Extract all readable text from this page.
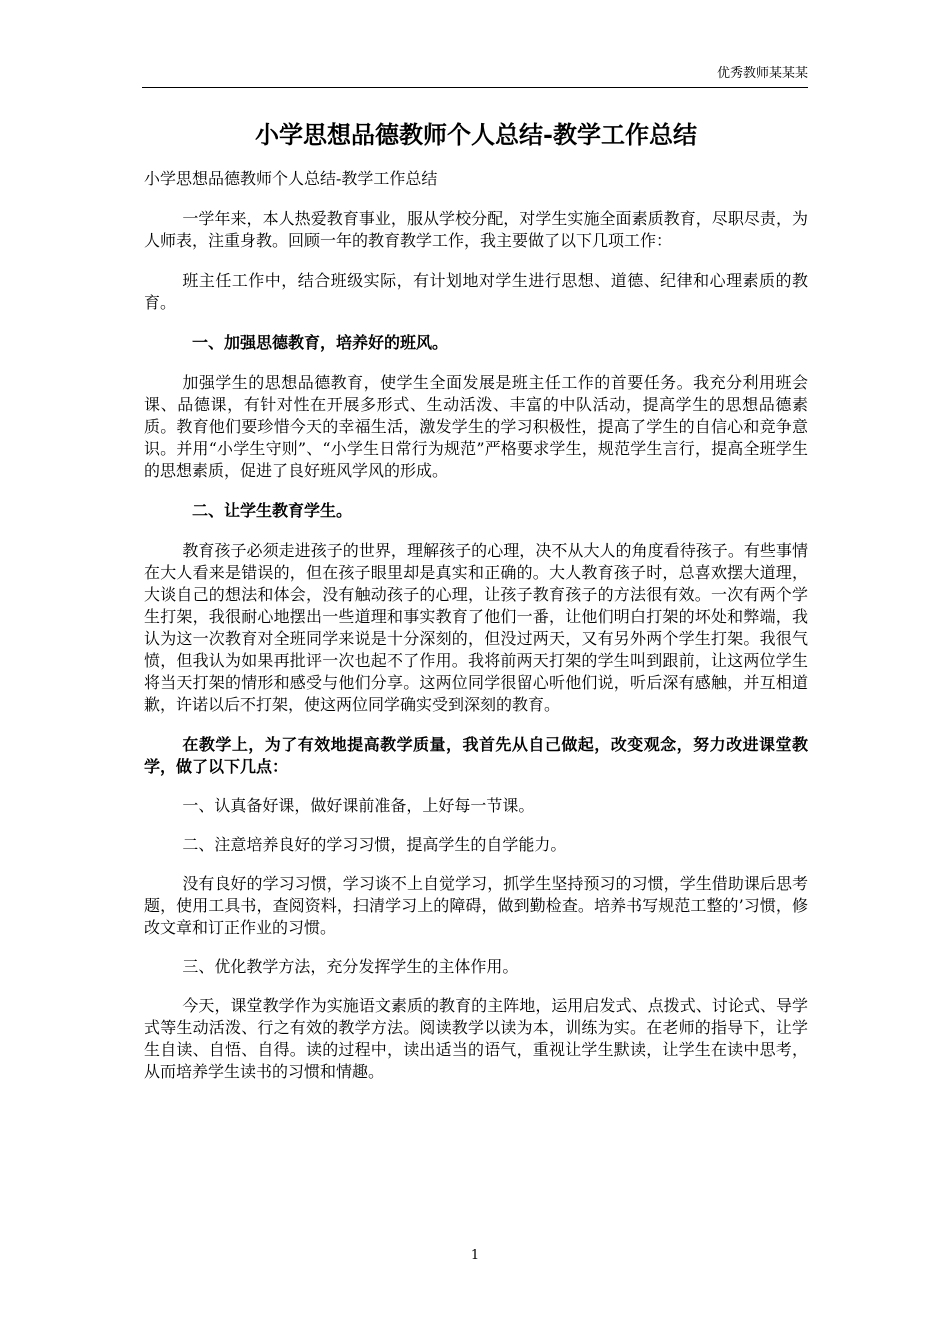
优秀教师某某某
小学思想品德教师个人总结-教学工作总结

小学思想品德教师个人总结-教学工作总结

一学年来，本人热爱教育事业，服从学校分配，对学生实施全面素质教育，尽职尽责，为人师表，注重身教。回顾一年的教育教学工作，我主要做了以下几项工作：

班主任工作中，结合班级实际，有计划地对学生进行思想、道德、纪律和心理素质的教育。

一、加强思德教育，培养好的班风。

加强学生的思想品德教育，使学生全面发展是班主任工作的首要任务。我充分利用班会课、品德课，有针对性在开展多形式、生动活泼、丰富的中队活动，提高学生的思想品德素质。教育他们要珍惜今天的幸福生活，激发学生的学习积极性，提高了学生的自信心和竞争意识。并用“小学生守则”、“小学生日常行为规范”严格要求学生，规范学生言行，提高全班学生的思想素质，促进了良好班风学风的形成。

二、让学生教育学生。

教育孩子必须走进孩子的世界，理解孩子的心理，决不从大人的角度看待孩子。有些事情在大人看来是错误的，但在孩子眼里却是真实和正确的。大人教育孩子时，总喜欢摆大道理，大谈自己的想法和体会，没有触动孩子的心理，让孩子教育孩子的方法很有效。一次有两个学生打架，我很耐心地摆出一些道理和事实教育了他们一番，让他们明白打架的坏处和弊端，我认为这一次教育对全班同学来说是十分深刻的，但没过两天，又有另外两个学生打架。我很气愤，但我认为如果再批评一次也起不了作用。我将前两天打架的学生叫到跟前，让这两位学生将当天打架的情形和感受与他们分享。这两位同学很留心听他们说，听后深有感触，并互相道歉，许诺以后不打架，使这两位同学确实受到深刻的教育。

在教学上，为了有效地提高教学质量，我首先从自己做起，改变观念，努力改进课堂教学，做了以下几点：

一、认真备好课，做好课前准备，上好每一节课。

二、注意培养良好的学习习惯，提高学生的自学能力。

没有良好的学习习惯，学习谈不上自觉学习，抓学生坚持预习的习惯，学生借助课后思考题，使用工具书，查阅资料，扫清学习上的障碍，做到勤检查。培养书写规范工整的’习惯，修改文章和订正作业的习惯。

三、优化教学方法，充分发挥学生的主体作用。

今天，课堂教学作为实施语文素质的教育的主阵地，运用启发式、点拨式、讨论式、导学式等生动活泼、行之有效的教学方法。阅读教学以读为本，训练为实。在老师的指导下，让学生自读、自悟、自得。读的过程中，读出适当的语气，重视让学生默读，让学生在读中思考，从而培养学生读书的习惯和情趣。

1
